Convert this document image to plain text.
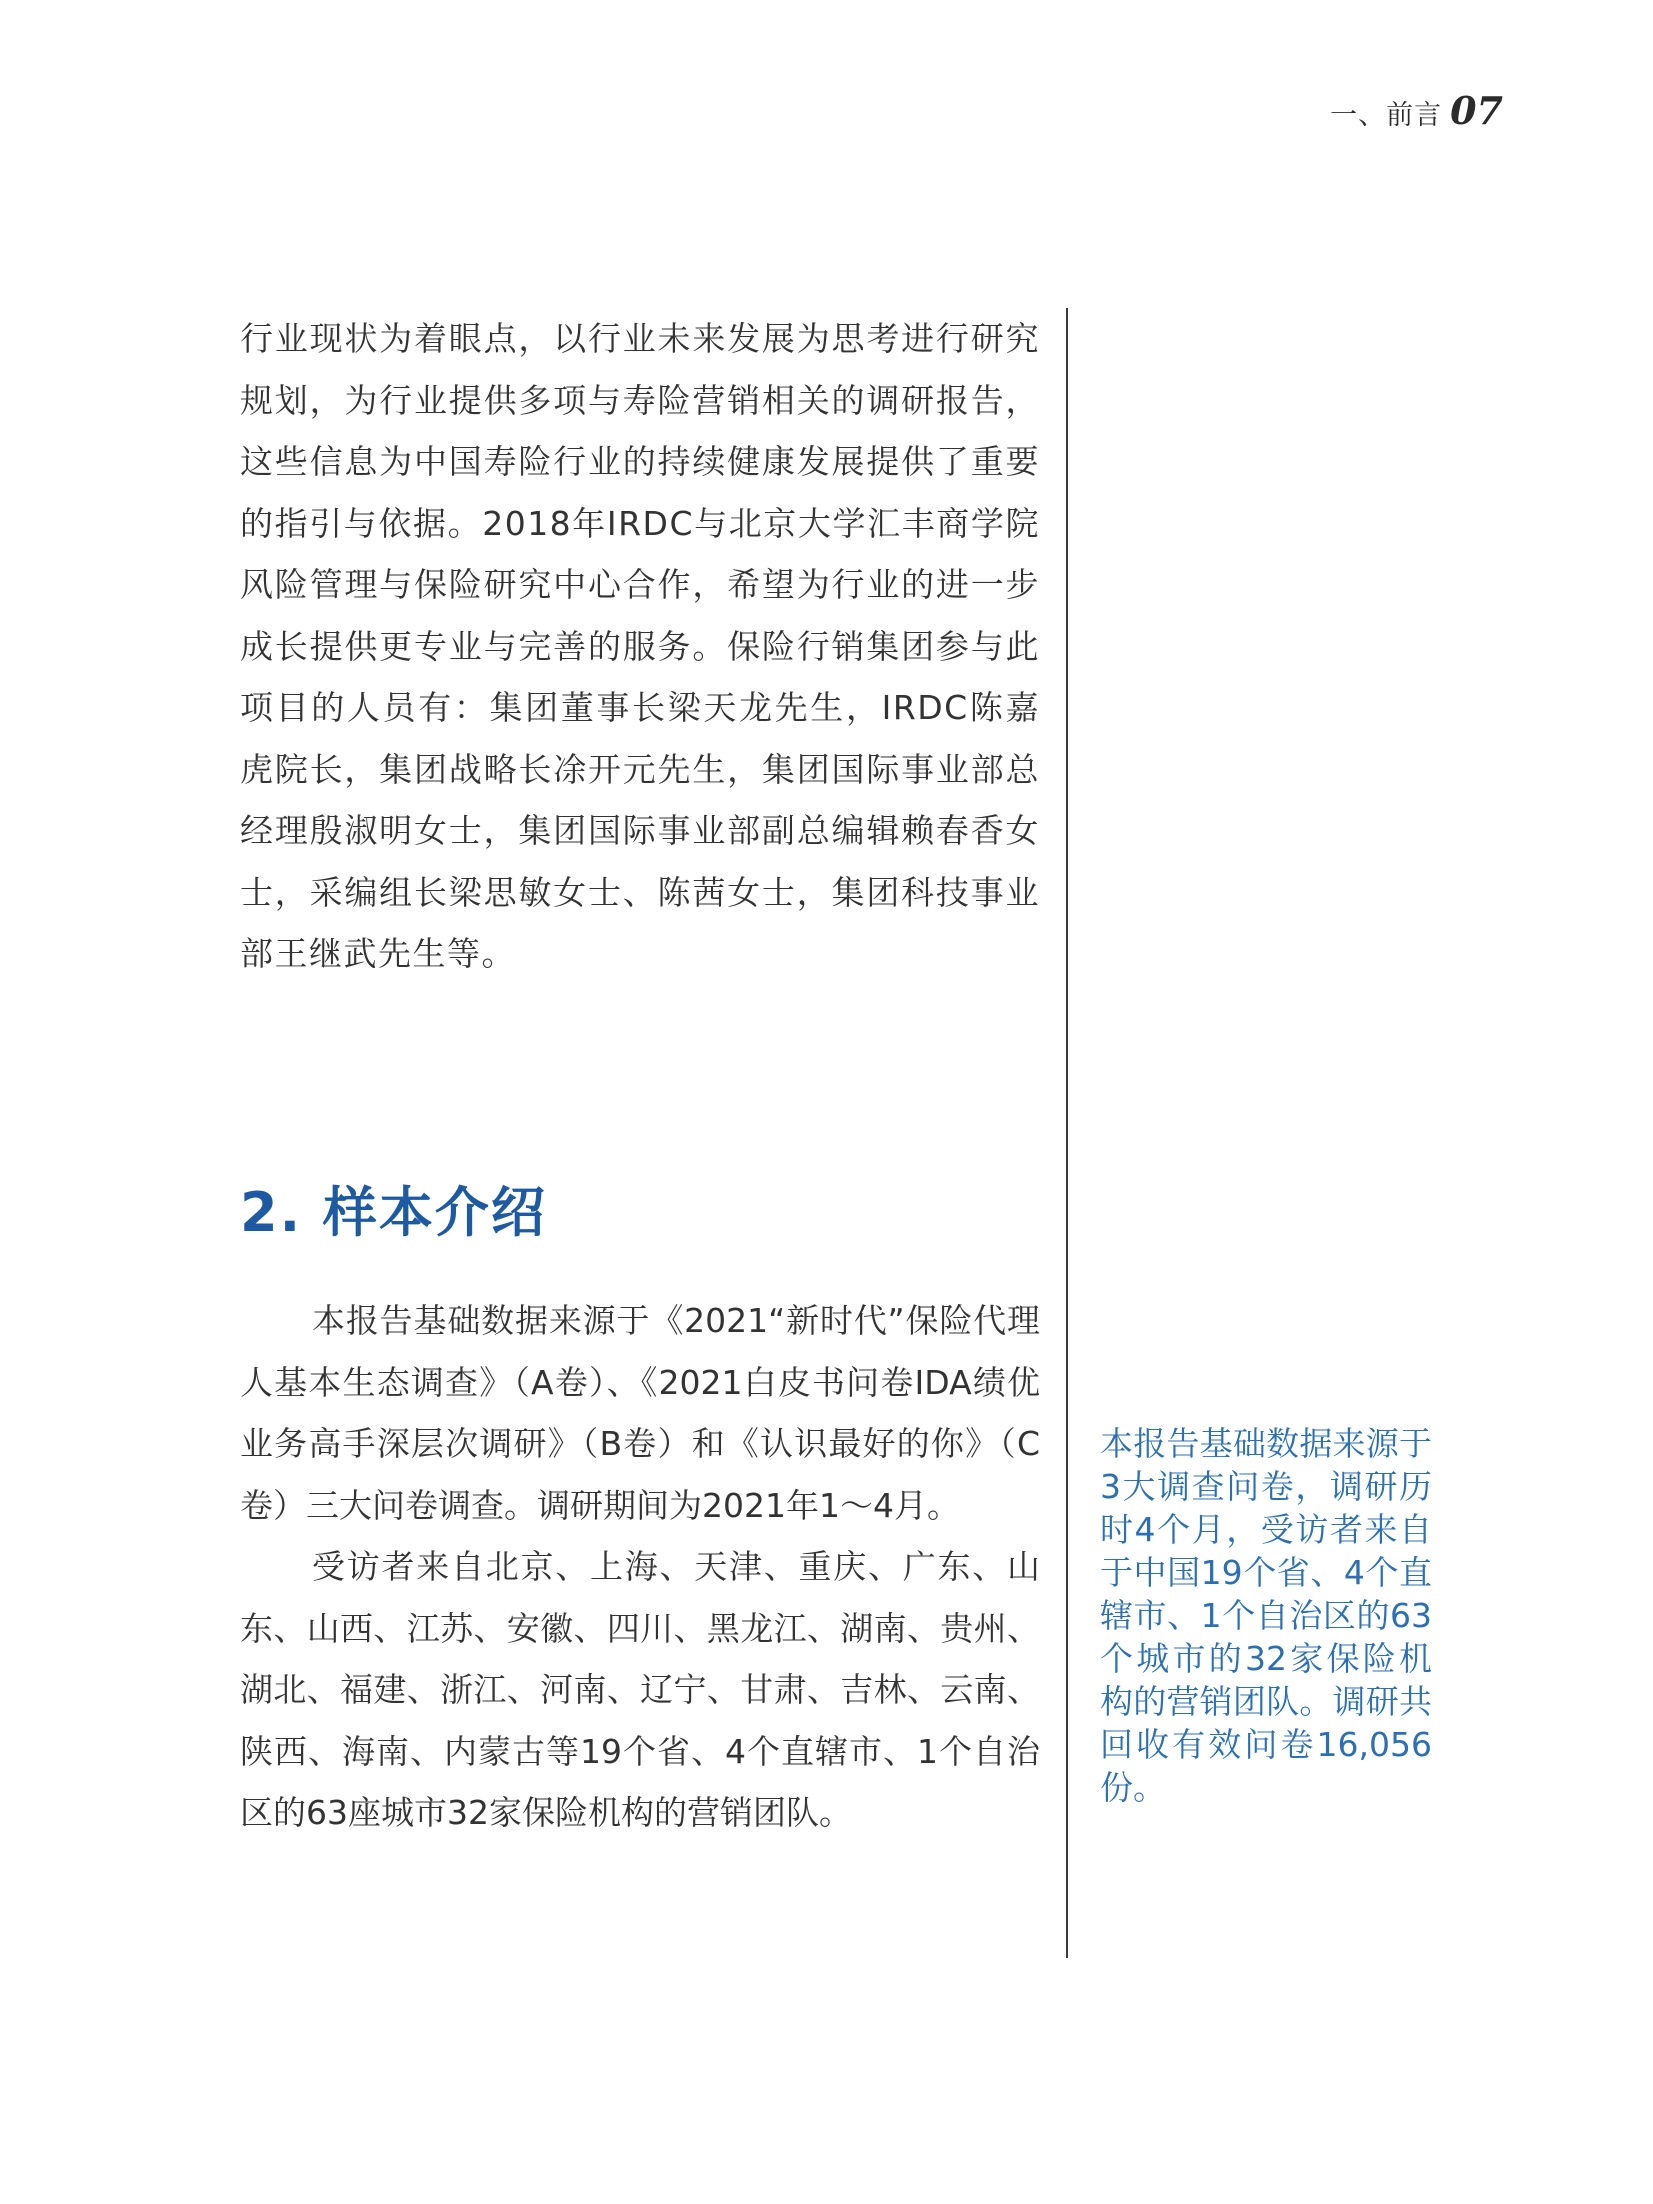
一、前言 07

行业现状为着眼点，以行业未来发展为思考进行研究规划，为行业提供多项与寿险营销相关的调研报告，这些信息为中国寿险行业的持续健康发展提供了重要的指引与依据。2018年IRDC与北京大学汇丰商学院风险管理与保险研究中心合作，希望为行业的进一步成长提供更专业与完善的服务。保险行销集团参与此项目的人员有：集团董事长梁天龙先生，IRDC陈嘉虎院长，集团战略长凃开元先生，集团国际事业部总经理殷淑明女士，集团国际事业部副总编辑赖春香女士，采编组长梁思敏女士、陈茜女士，集团科技事业部王继武先生等。

2. 样本介绍

本报告基础数据来源于《2021“新时代”保险代理人基本生态调查》（A卷）、《2021白皮书问卷IDA绩优业务高手深层次调研》（B卷）和《认识最好的你》（C卷）三大问卷调查。调研期间为2021年1～4月。

受访者来自北京、上海、天津、重庆、广东、山东、山西、江苏、安徽、四川、黑龙江、湖南、贵州、湖北、福建、浙江、河南、辽宁、甘肃、吉林、云南、陕西、海南、内蒙古等19个省、4个直辖市、1个自治区的63座城市32家保险机构的营销团队。

本报告基础数据来源于3大调查问卷，调研历时4个月，受访者来自于中国19个省、4个直辖市、1个自治区的63个城市的32家保险机构的营销团队。调研共回收有效问卷16,056份。
